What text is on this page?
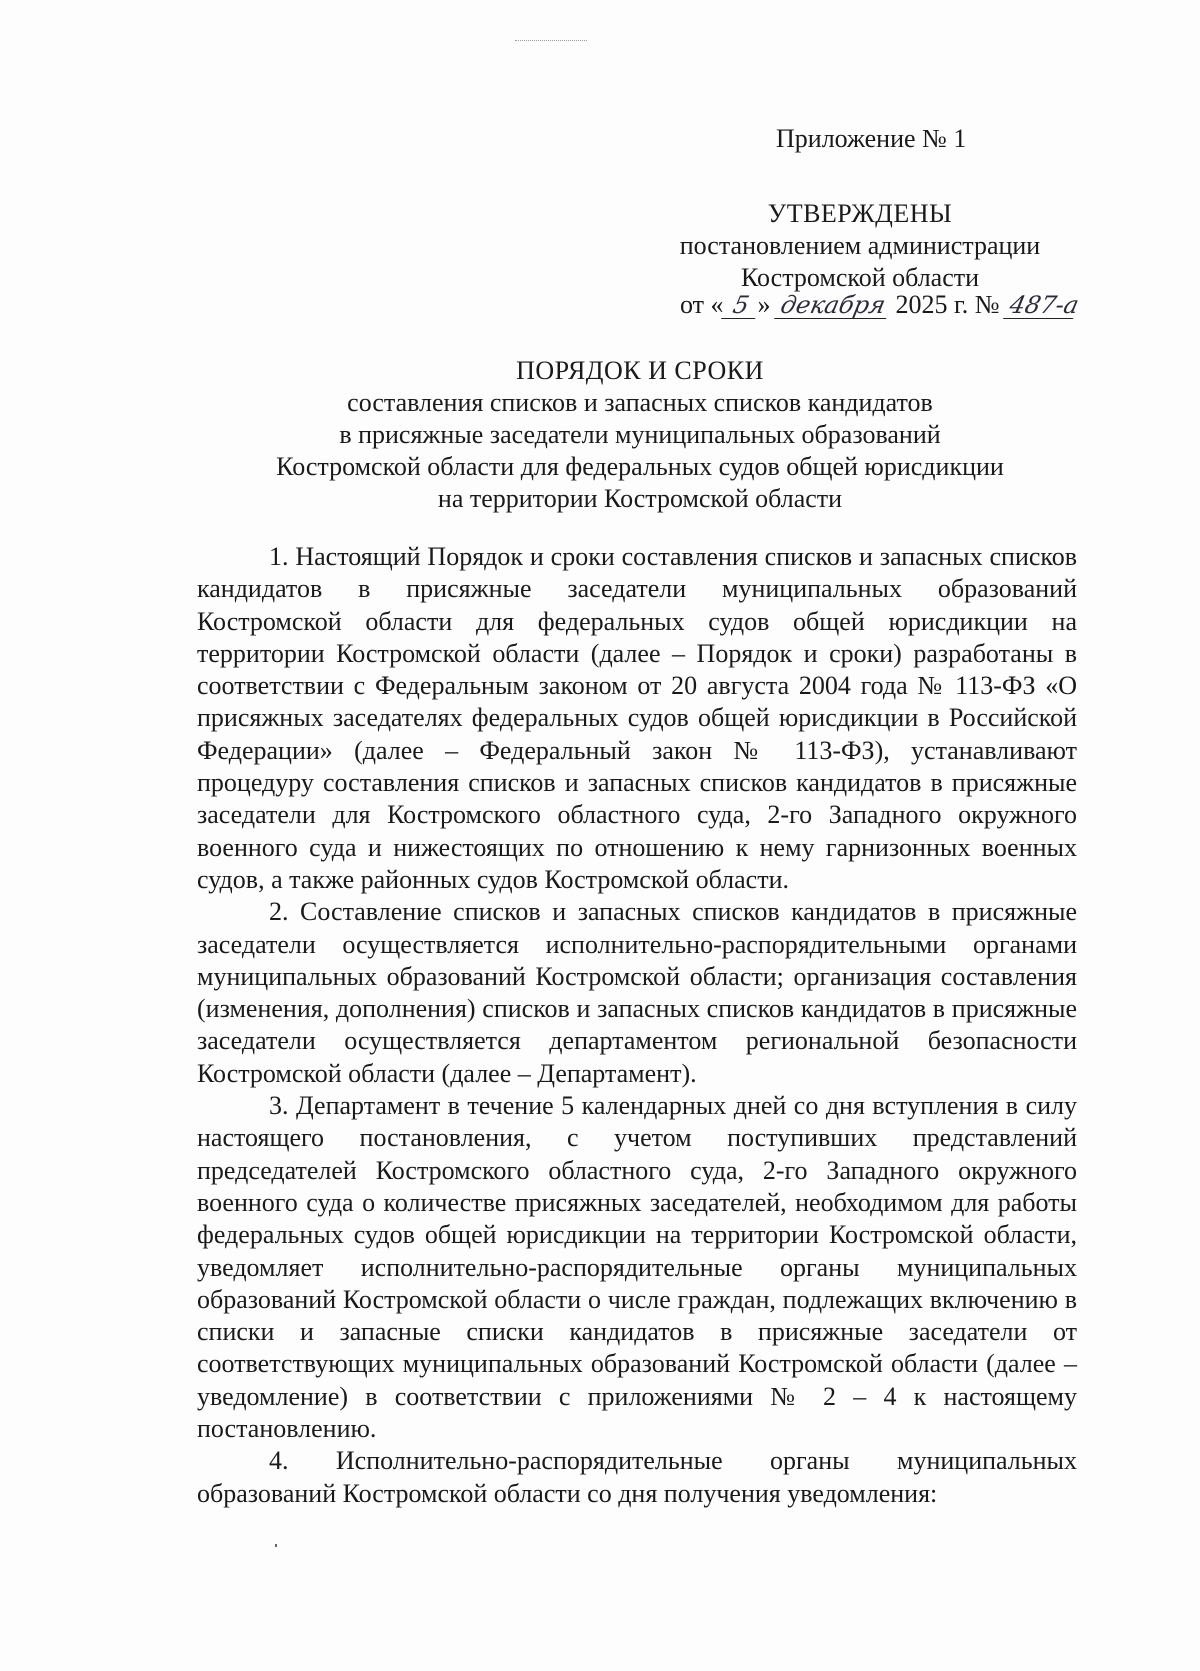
Приложение № 1
УТВЕРЖДЕНЫ
постановлением администрации
Костромской области
от « 5 » декабря 2025 г. № 487-а
ПОРЯДОК И СРОКИ
составления списков и запасных списков кандидатов
в присяжные заседатели муниципальных образований
Костромской области для федеральных судов общей юрисдикции
на территории Костромской области

1. Настоящий Порядок и сроки составления списков и запасных списков кандидатов в присяжные заседатели муниципальных образований Костромской области для федеральных судов общей юрисдикции на территории Костромской области (далее – Порядок и сроки) разработаны в соответствии с Федеральным законом от 20 августа 2004 года № 113-ФЗ «О присяжных заседателях федеральных судов общей юрисдикции в Российской Федерации» (далее – Федеральный закон № 113-ФЗ), устанавливают процедуру составления списков и запасных списков кандидатов в присяжные заседатели для Костромского областного суда, 2-го Западного окружного военного суда и нижестоящих по отношению к нему гарнизонных военных судов, а также районных судов Костромской области.

2. Составление списков и запасных списков кандидатов в присяжные заседатели осуществляется исполнительно-распорядительными органами муниципальных образований Костромской области; организация составления (изменения, дополнения) списков и запасных списков кандидатов в присяжные заседатели осуществляется департаментом региональной безопасности Костромской области (далее – Департамент).

3. Департамент в течение 5 календарных дней со дня вступления в силу настоящего постановления, с учетом поступивших представлений председателей Костромского областного суда, 2-го Западного окружного военного суда о количестве присяжных заседателей, необходимом для работы федеральных судов общей юрисдикции на территории Костромской области, уведомляет исполнительно-распорядительные органы муниципальных образований Костромской области о числе граждан, подлежащих включению в списки и запасные списки кандидатов в присяжные заседатели от соответствующих муниципальных образований Костромской области (далее – уведомление) в соответствии с приложениями № 2 – 4 к настоящему постановлению.

4. Исполнительно-распорядительные органы муниципальных образований Костромской области со дня получения уведомления:
